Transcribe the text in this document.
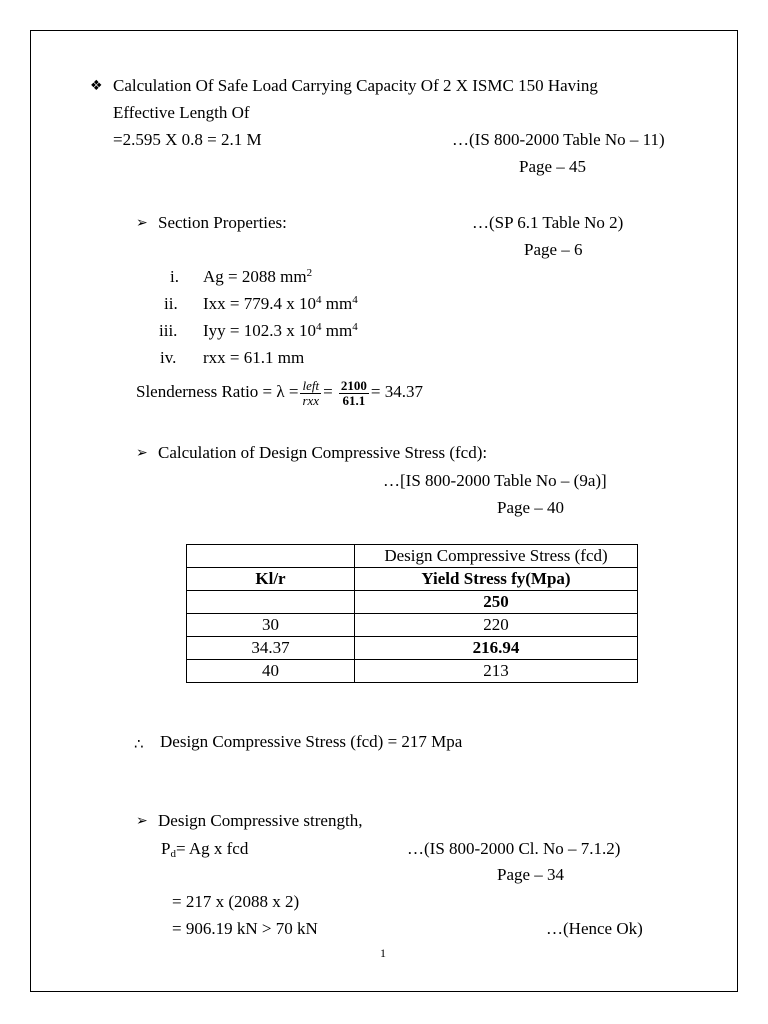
❖ Calculation Of Safe Load Carrying Capacity Of 2 X ISMC 150 Having
Effective Length Of
=2.595 X 0.8 = 2.1 M	…(IS 800-2000 Table No – 11)
Page – 45
➢ Section Properties:	…(SP 6.1 Table No 2)
Page – 6
i. Ag = 2088 $mm^2$
ii. Ixx = 779.4 x $10^4$ $mm^4$
iii. Iyy = 102.3 x $10^4$ $mm^4$
iv. rxx = 61.1 mm
Slenderness Ratio = $\lambda = \frac{\text{left}}{\text{rxx}} = \frac{2100}{61.1} = 34.37$
➢ Calculation of Design Compressive Stress (fcd):
…[IS 800-2000 Table No – (9a)]
Page – 40
	Design Compressive Stress (fcd)
Kl/r	Yield Stress fy(Mpa)
	250
30	220
34.37	216.94
40	213
∴ Design Compressive Stress (fcd) = 217 Mpa
➢ Design Compressive strength,
$P_d= Ag$ x fcd	…(IS 800-2000 Cl. No – 7.1.2)
Page – 34
= 217 x (2088 x 2)
= 906.19 kN > 70 kN	…(Hence Ok)
1
